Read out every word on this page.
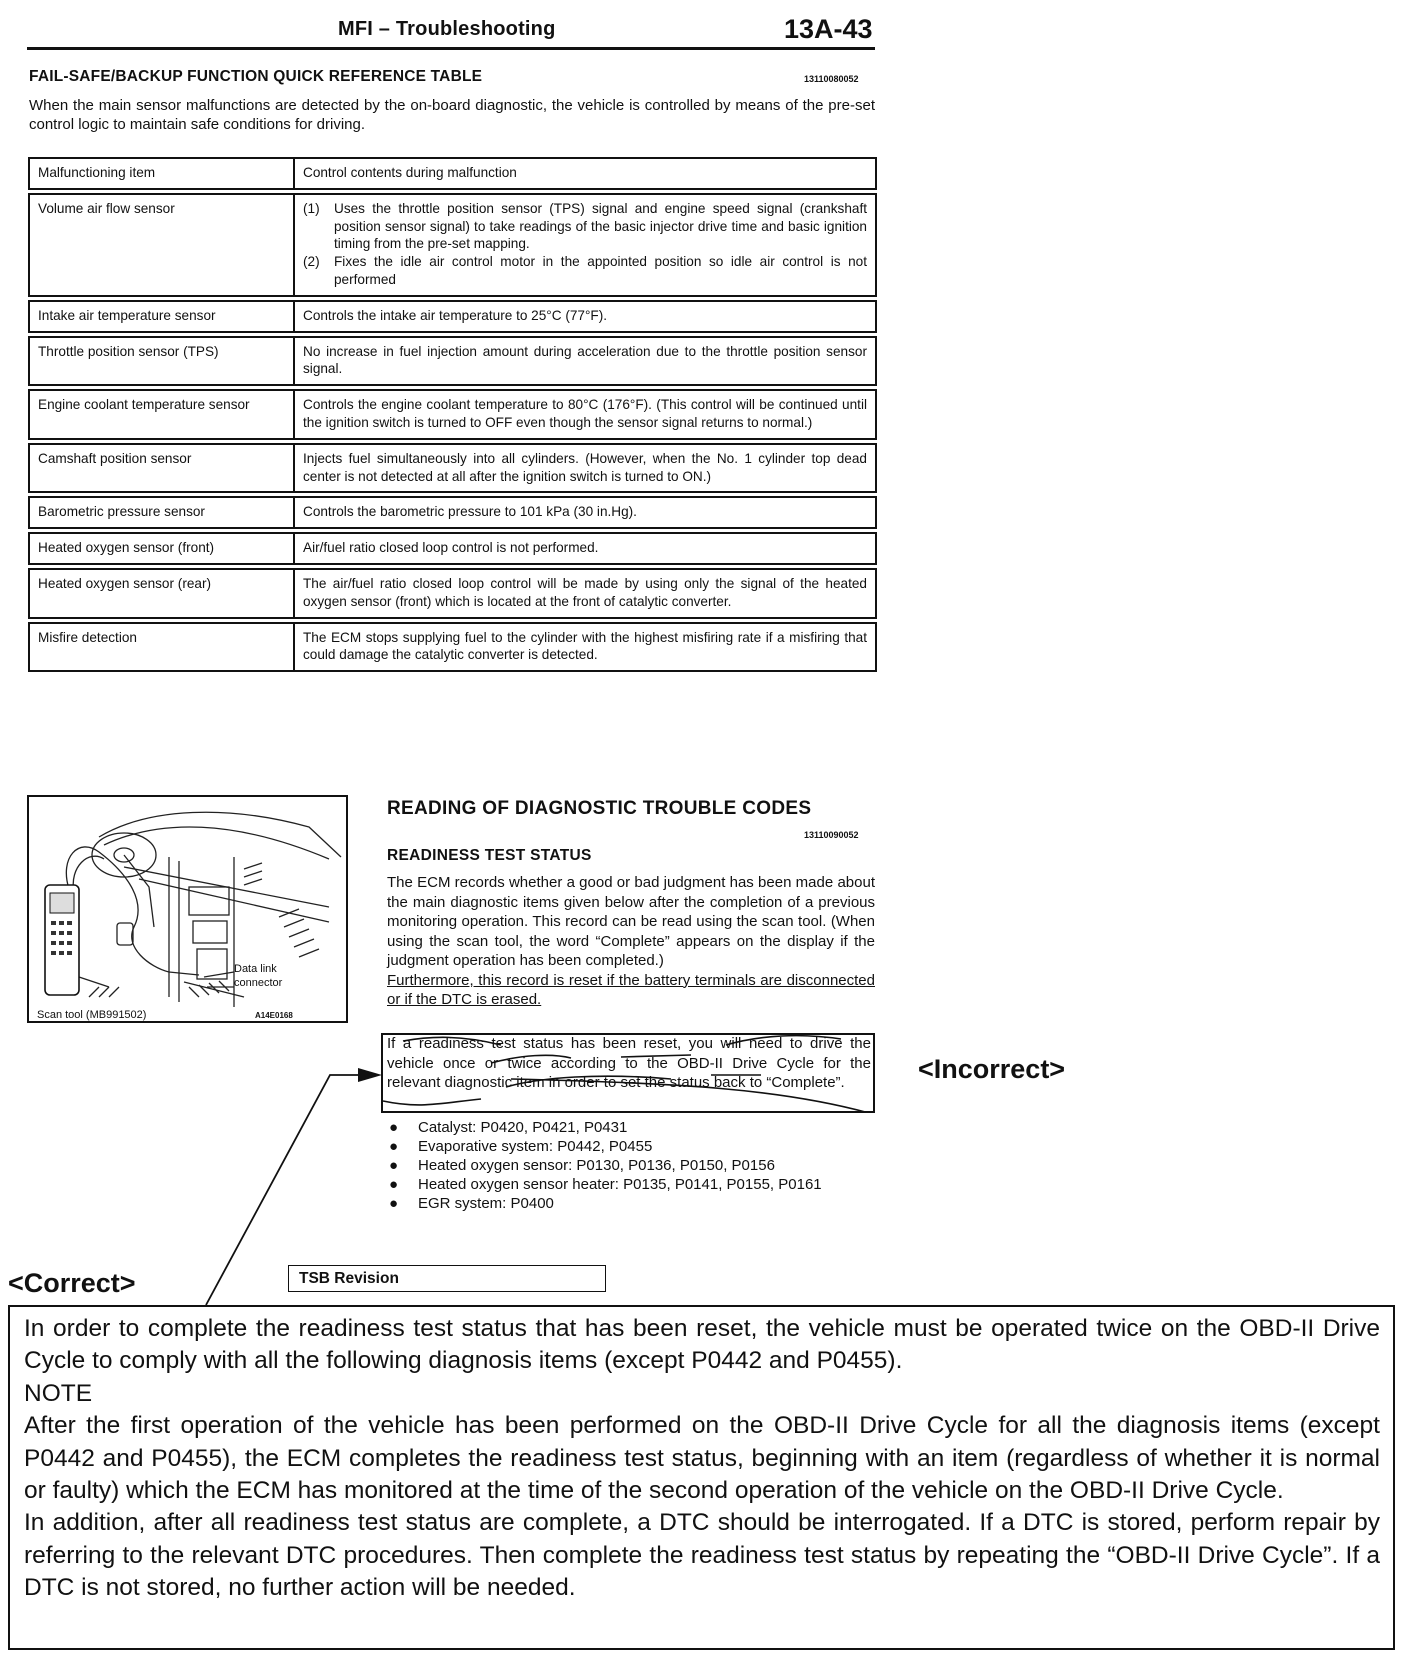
MFI – Troubleshooting	13A-43
FAIL-SAFE/BACKUP FUNCTION QUICK REFERENCE TABLE	13110080052
When the main sensor malfunctions are detected by the on-board diagnostic, the vehicle is controlled by means of the pre-set control logic to maintain safe conditions for driving.
Malfunctioning item	Control contents during malfunction

Volume air flow sensor	(1) Uses the throttle position sensor (TPS) signal and engine speed signal (crankshaft position sensor signal) to take readings of the basic injector drive time and basic ignition timing from the pre-set mapping.
(2) Fixes the idle air control motor in the appointed position so idle air control is not performed

Intake air temperature sensor	Controls the intake air temperature to 25°C (77°F).

Throttle position sensor (TPS)	No increase in fuel injection amount during acceleration due to the throttle position sensor signal.

Engine coolant temperature sensor	Controls the engine coolant temperature to 80°C (176°F). (This control will be continued until the ignition switch is turned to OFF even though the sensor signal returns to normal.)

Camshaft position sensor	Injects fuel simultaneously into all cylinders. (However, when the No. 1 cylinder top dead center is not detected at all after the ignition switch is turned to ON.)

Barometric pressure sensor	Controls the barometric pressure to 101 kPa (30 in.Hg).

Heated oxygen sensor (front)	Air/fuel ratio closed loop control is not performed.

Heated oxygen sensor (rear)	The air/fuel ratio closed loop control will be made by using only the signal of the heated oxygen sensor (front) which is located at the front of catalytic converter.

Misfire detection	The ECM stops supplying fuel to the cylinder with the highest misfiring rate if a misfiring that could damage the catalytic converter is detected.
Data link
connector
Scan tool (MB991502)	A14E0168
READING OF DIAGNOSTIC TROUBLE CODES
13110090052
READINESS TEST STATUS
The ECM records whether a good or bad judgment has been made about the main diagnostic items given below after the completion of a previous monitoring operation. This record can be read using the scan tool. (When using the scan tool, the word “Complete” appears on the display if the judgment operation has been completed.)
Furthermore, this record is reset if the battery terminals are disconnected or if the DTC is erased.
If a readiness test status has been reset, you will need to drive the vehicle once or twice according to the OBD-II Drive Cycle for the relevant diagnostic item in order to set the status back to “Complete”.
● Catalyst: P0420, P0421, P0431
● Evaporative system: P0442, P0455
● Heated oxygen sensor: P0130, P0136, P0150, P0156
● Heated oxygen sensor heater: P0135, P0141, P0155, P0161
● EGR system: P0400
TSB Revision
<Incorrect>
<Correct>

In order to complete the readiness test status that has been reset, the vehicle must be operated twice on the OBD-II Drive Cycle to comply with all the following diagnosis items (except P0442 and P0455).

NOTE

After the first operation of the vehicle has been performed on the OBD-II Drive Cycle for all the diagnosis items (except P0442 and P0455), the ECM completes the readiness test status, beginning with an item (regardless of whether it is normal or faulty) which the ECM has monitored at the time of the second operation of the vehicle on the OBD-II Drive Cycle.

In addition, after all readiness test status are complete, a DTC should be interrogated. If a DTC is stored, perform repair by referring to the relevant DTC procedures. Then complete the readiness test status by repeating the “OBD-II Drive Cycle”. If a DTC is not stored, no further action will be needed.
